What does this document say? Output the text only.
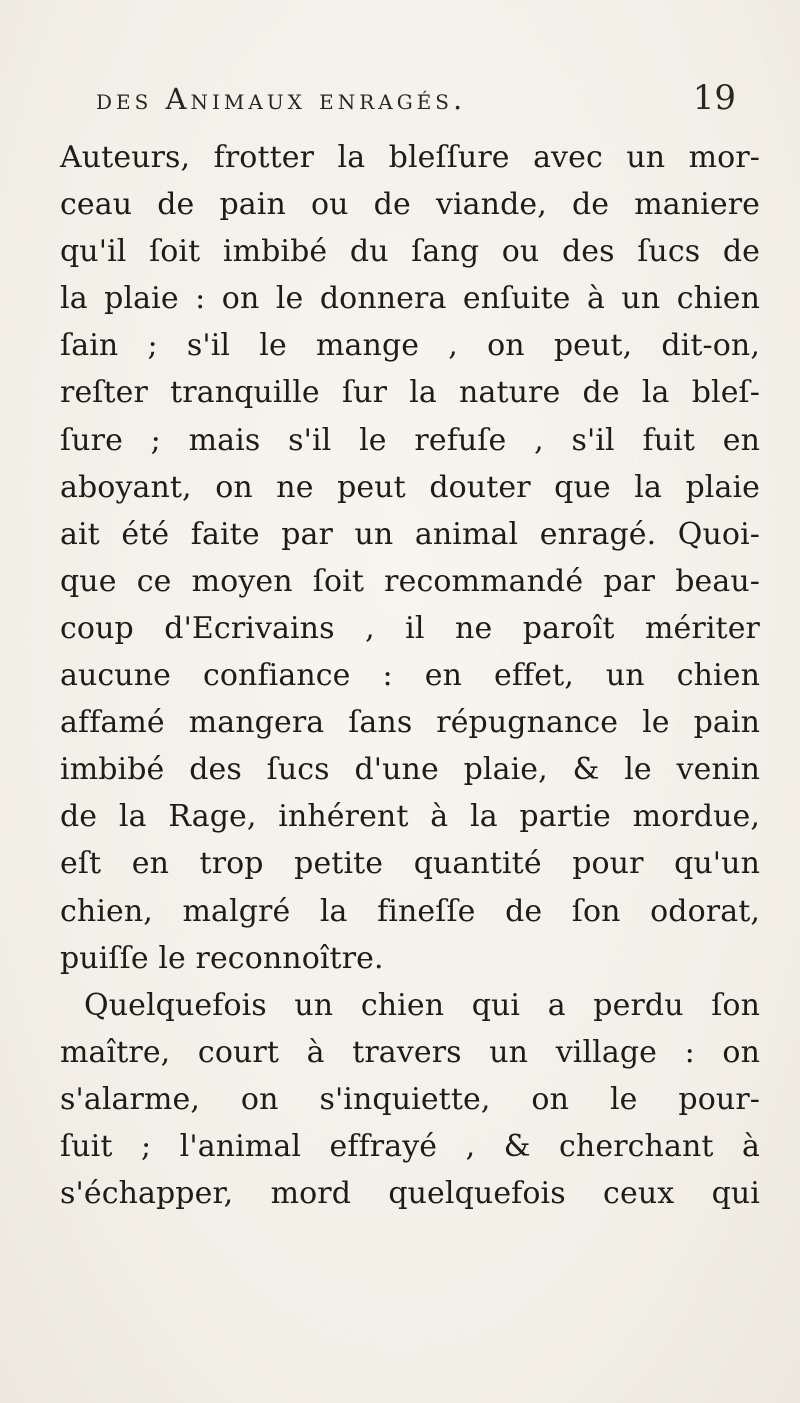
des Animaux enragés.	19
Auteurs, frotter la bleſſure avec un mor-
ceau de pain ou de viande, de maniere
qu'il ſoit imbibé du ſang ou des ſucs de
la plaie : on le donnera enſuite à un chien
ſain ; s'il le mange , on peut, dit-on,
reſter tranquille ſur la nature de la bleſ-
ſure ; mais s'il le refuſe , s'il fuit en
aboyant, on ne peut douter que la plaie
ait été faite par un animal enragé. Quoi-
que ce moyen ſoit recommandé par beau-
coup d'Ecrivains , il ne paroît mériter
aucune confiance : en effet, un chien
affamé mangera ſans répugnance le pain
imbibé des ſucs d'une plaie, & le venin
de la Rage, inhérent à la partie mordue,
eſt en trop petite quantité pour qu'un
chien, malgré la fineſſe de ſon odorat,
puiſſe le reconnoître.
Quelquefois un chien qui a perdu ſon
maître, court à travers un village : on
s'alarme, on s'inquiette, on le pour-
ſuit ; l'animal effrayé , & cherchant à
s'échapper, mord quelquefois ceux qui
